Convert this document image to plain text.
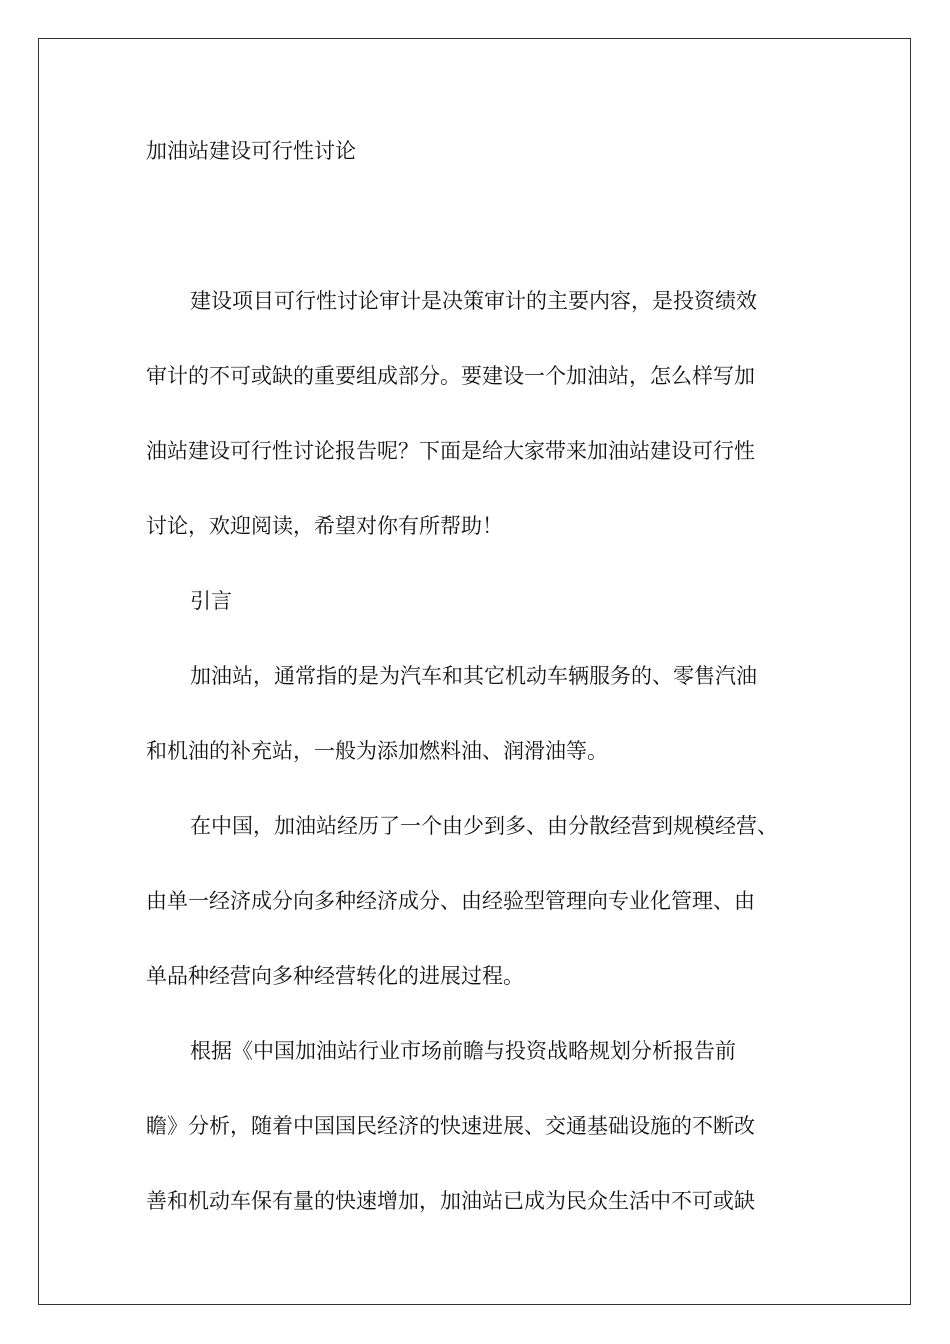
加油站建设可行性讨论
建设项目可行性讨论审计是决策审计的主要内容，是投资绩效
审计的不可或缺的重要组成部分。要建设一个加油站，怎么样写加
油站建设可行性讨论报告呢？下面是给大家带来加油站建设可行性
讨论，欢迎阅读，希望对你有所帮助！
引言
加油站，通常指的是为汽车和其它机动车辆服务的、零售汽油
和机油的补充站，一般为添加燃料油、润滑油等。
在中国，加油站经历了一个由少到多、由分散经营到规模经营、
由单一经济成分向多种经济成分、由经验型管理向专业化管理、由
单品种经营向多种经营转化的进展过程。
根据《中国加油站行业市场前瞻与投资战略规划分析报告前
瞻》分析，随着中国国民经济的快速进展、交通基础设施的不断改
善和机动车保有量的快速增加，加油站已成为民众生活中不可或缺
